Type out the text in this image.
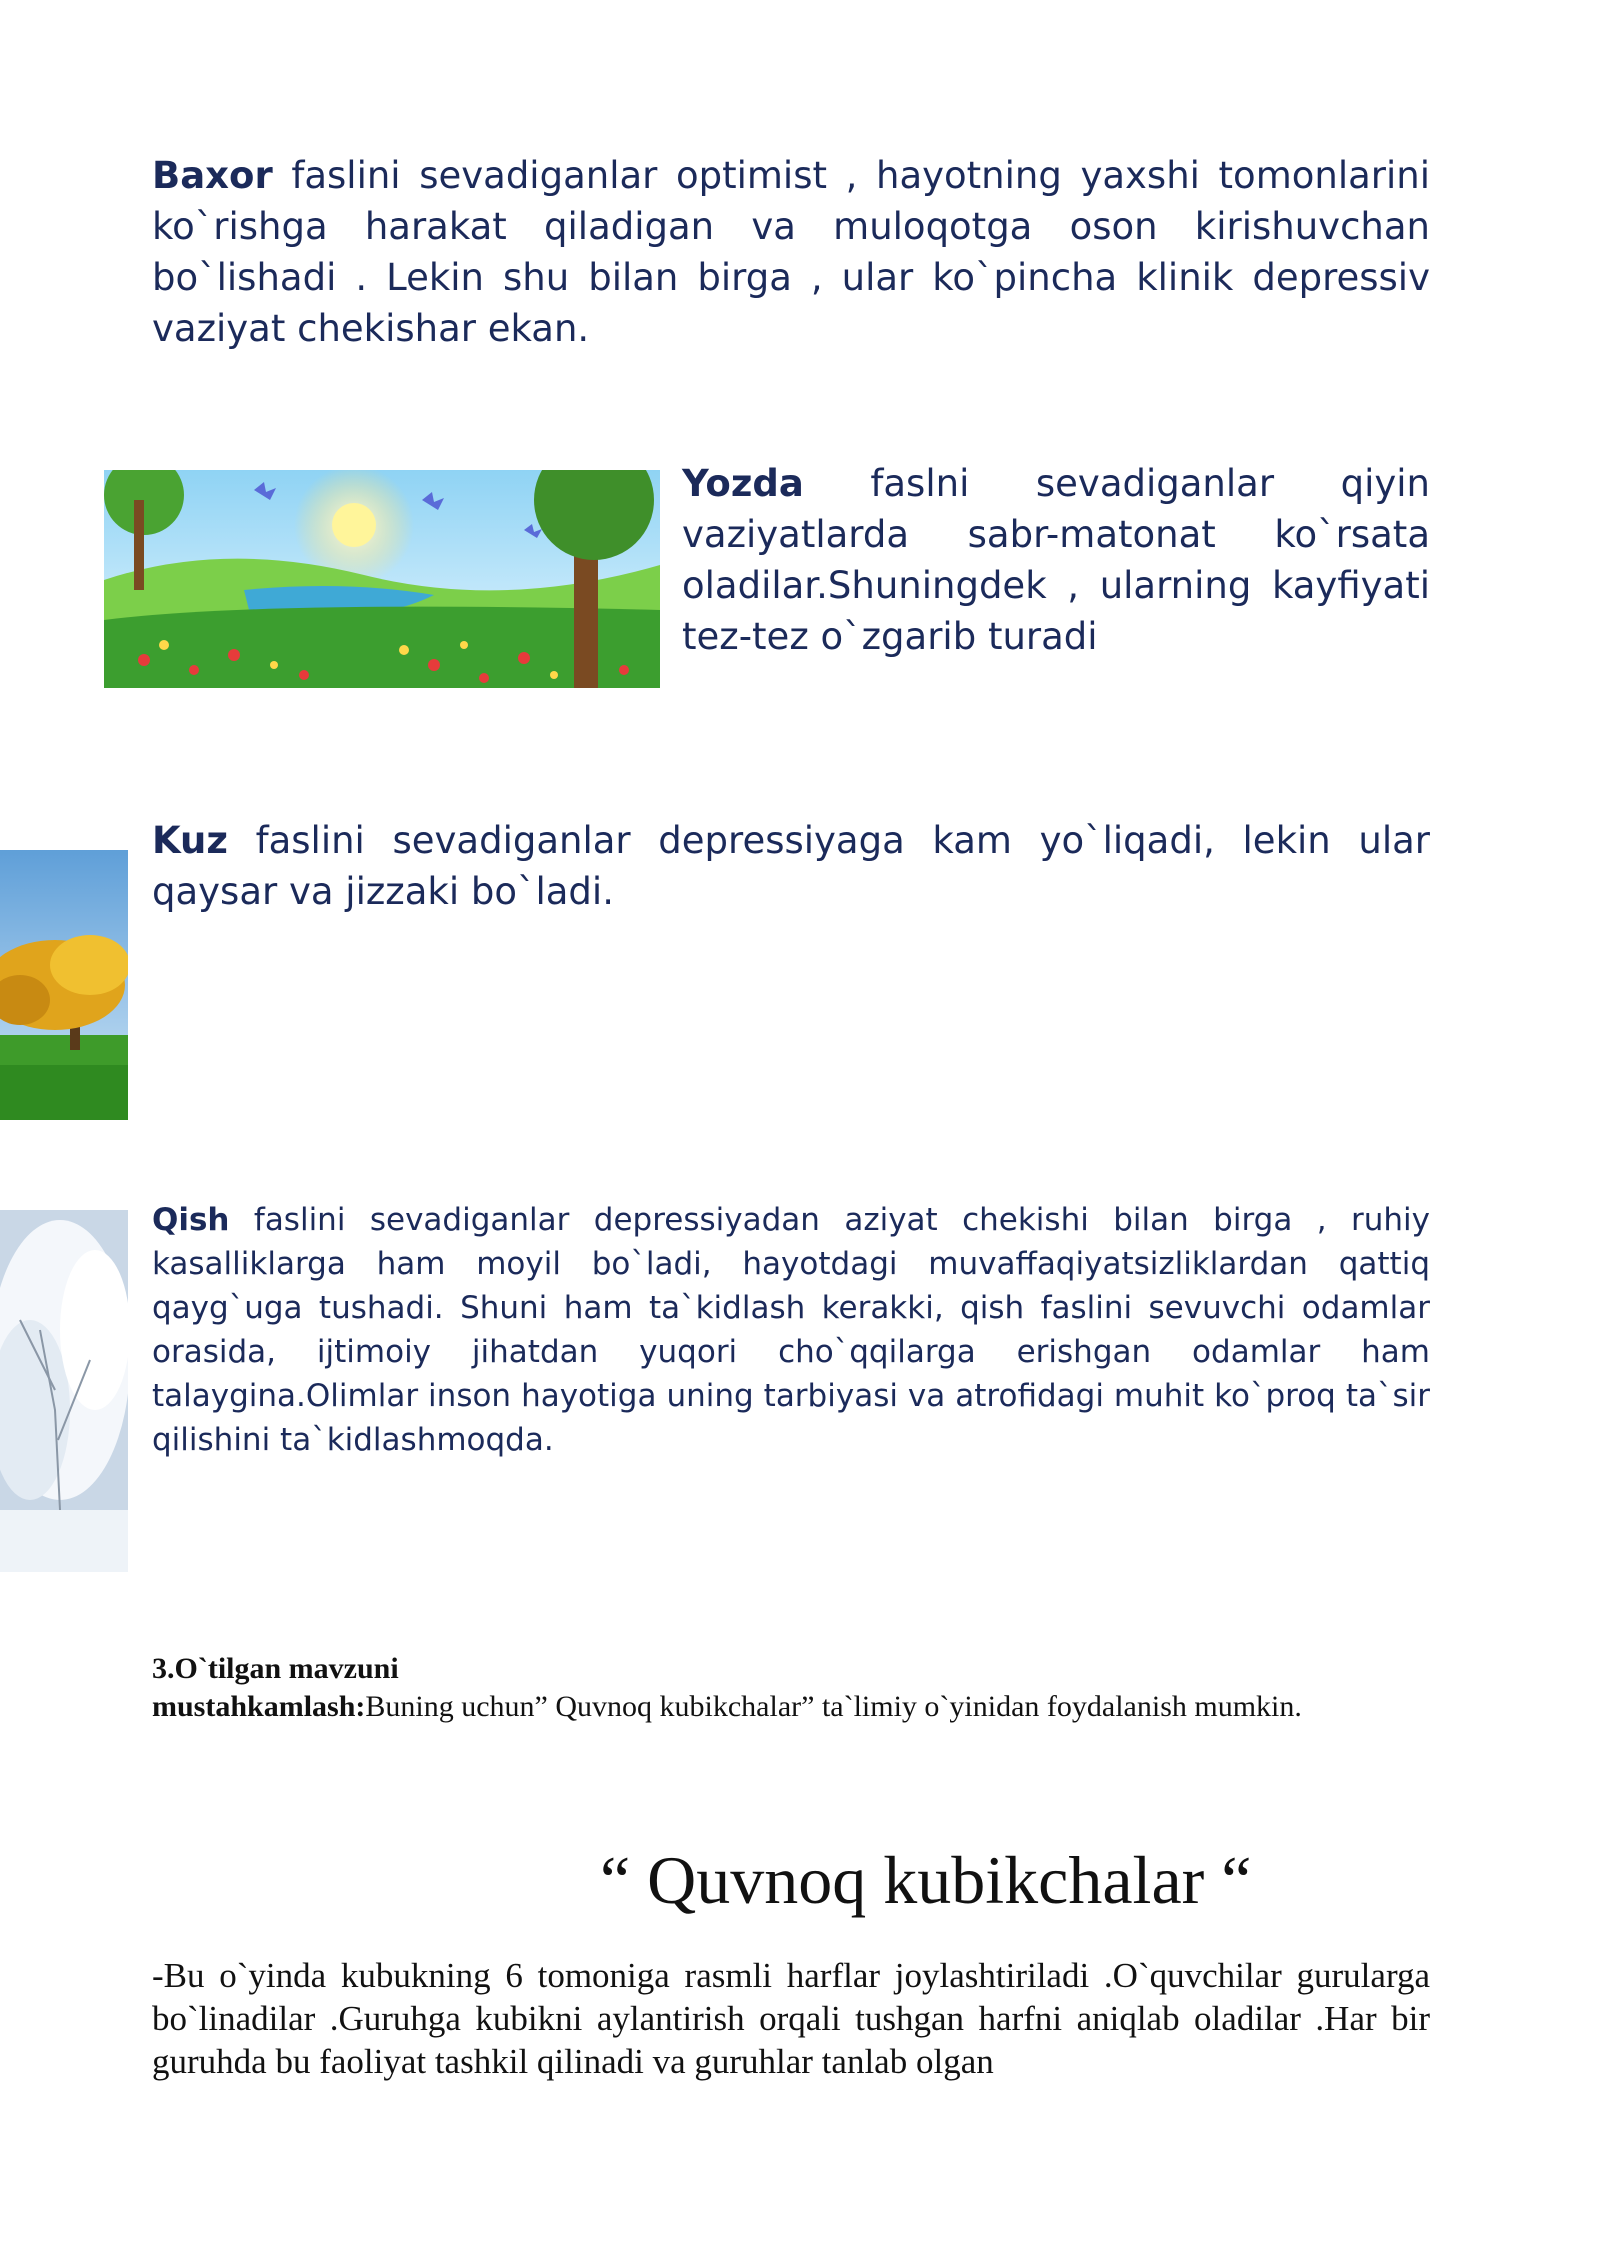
Baxor faslini sevadiganlar optimist , hayotning yaxshi tomonlarini ko`rishga harakat qiladigan va muloqotga oson kirishuvchan bo`lishadi . Lekin shu bilan birga , ular ko`pincha klinik depressiv vaziyat chekishar ekan.
Yozda faslni sevadiganlar qiyin vaziyatlarda sabr-matonat ko`rsata oladilar.Shuningdek , ularning kayfiyati tez-tez o`zgarib turadi
Kuz faslini sevadiganlar depressiyaga kam yo`liqadi, lekin ular qaysar va jizzaki bo`ladi.
Qish faslini sevadiganlar depressiyadan aziyat chekishi bilan birga , ruhiy kasalliklarga ham moyil bo`ladi, hayotdagi muvaffaqiyatsizliklardan qattiq qayg`uga tushadi. Shuni ham ta`kidlash kerakki, qish faslini sevuvchi odamlar orasida, ijtimoiy jihatdan yuqori cho`qqilarga erishgan odamlar ham talaygina.Olimlar inson hayotiga uning tarbiyasi va atrofidagi muhit ko`proq ta`sir qilishini ta`kidlashmoqda.
3.O`tilgan mavzuni
mustahkamlash:Buning uchun” Quvnoq kubikchalar” ta`limiy o`yinidan foydalanish mumkin.
“ Quvnoq kubikchalar “
-Bu o`yinda kubukning 6 tomoniga rasmli harflar joylashtiriladi .O`quvchilar gurularga bo`linadilar .Guruhga kubikni aylantirish orqali tushgan harfni aniqlab oladilar .Har bir guruhda bu faoliyat tashkil qilinadi va guruhlar tanlab olgan
